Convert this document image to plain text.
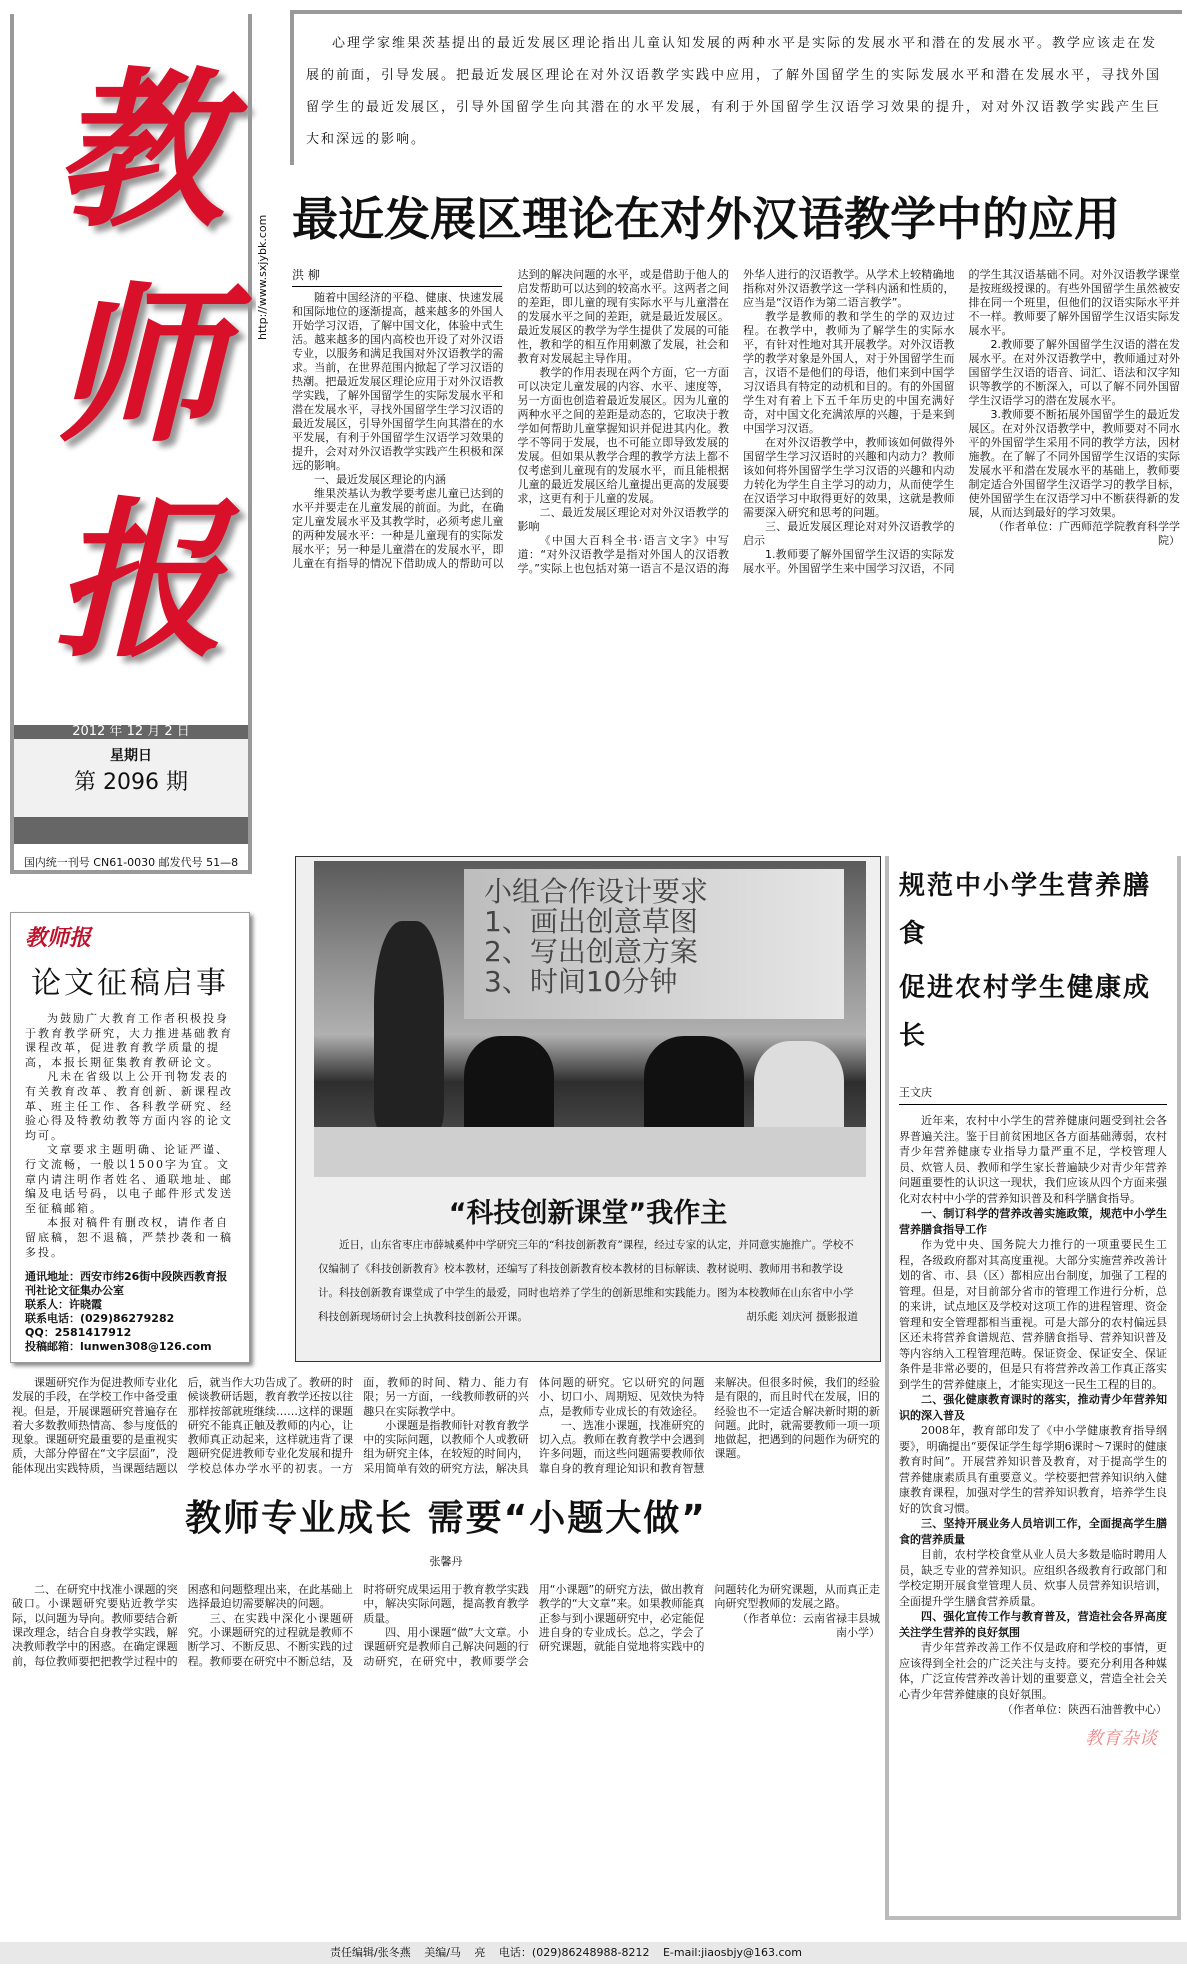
教师报
2012 年 12 月 2 日
星期日
第 2096 期
国内统一刊号 CN61-0030 邮发代号 51—8
http://www.sxjybk.com

心理学家维果茨基提出的最近发展区理论指出儿童认知发展的两种水平是实际的发展水平和潜在的发展水平。教学应该走在发展的前面，引导发展。把最近发展区理论在对外汉语教学实践中应用，了解外国留学生的实际发展水平和潜在发展水平，寻找外国留学生的最近发展区，引导外国留学生向其潜在的水平发展，有利于外国留学生汉语学习效果的提升，对对外汉语教学实践产生巨大和深远的影响。

最近发展区理论在对外汉语教学中的应用
洪 柳

随着中国经济的平稳、健康、快速发展和国际地位的逐渐提高，越来越多的外国人开始学习汉语，了解中国文化，体验中式生活。越来越多的国内高校也开设了对外汉语专业，以服务和满足我国对外汉语教学的需求。当前，在世界范围内掀起了学习汉语的热潮。把最近发展区理论应用于对外汉语教学实践，了解外国留学生的实际发展水平和潜在发展水平，寻找外国留学生学习汉语的最近发展区，引导外国留学生向其潜在的水平发展，有利于外国留学生汉语学习效果的提升，会对对外汉语教学实践产生积极和深远的影响。

一、最近发展区理论的内涵

维果茨基认为教学要考虑儿童已达到的水平并要走在儿童发展的前面。为此，在确定儿童发展水平及其教学时，必须考虑儿童的两种发展水平：一种是儿童现有的实际发展水平；另一种是儿童潜在的发展水平，即儿童在有指导的情况下借助成人的帮助可以达到的解决问题的水平，或是借助于他人的启发帮助可以达到的较高水平。这两者之间的差距，即儿童的现有实际水平与儿童潜在的发展水平之间的差距，就是最近发展区。最近发展区的教学为学生提供了发展的可能性，教和学的相互作用刺激了发展，社会和教育对发展起主导作用。

教学的作用表现在两个方面，它一方面可以决定儿童发展的内容、水平、速度等，另一方面也创造着最近发展区。因为儿童的两种水平之间的差距是动态的，它取决于教学如何帮助儿童掌握知识并促进其内化。教学不等同于发展，也不可能立即导致发展的发展。但如果从教学合理的教学方法上都不仅考虑到儿童现有的发展水平，而且能根据儿童的最近发展区给儿童提出更高的发展要求，这更有利于儿童的发展。

二、最近发展区理论对对外汉语教学的影响

《中国大百科全书·语言文字》中写道：“对外汉语教学是指对外国人的汉语教学。”实际上也包括对第一语言不是汉语的海外华人进行的汉语教学。从学术上较精确地指称对外汉语教学这一学科内涵和性质的，应当是“汉语作为第二语言教学”。

教学是教师的教和学生的学的双边过程。在教学中，教师为了解学生的实际水平，有针对性地对其开展教学。对外汉语教学的教学对象是外国人，对于外国留学生而言，汉语不是他们的母语，他们来到中国学习汉语具有特定的动机和目的。有的外国留学生对有着上下五千年历史的中国充满好奇，对中国文化充满浓厚的兴趣，于是来到中国学习汉语。

在对外汉语教学中，教师该如何做得外国留学生学习汉语时的兴趣和内动力？教师该如何将外国留学生学习汉语的兴趣和内动力转化为学生自主学习的动力，从而使学生在汉语学习中取得更好的效果，这就是教师需要深入研究和思考的问题。

三、最近发展区理论对对外汉语教学的启示

1.教师要了解外国留学生汉语的实际发展水平。外国留学生来中国学习汉语，不同的学生其汉语基础不同。对外汉语教学课堂是按班级授课的。有些外国留学生虽然被安排在同一个班里，但他们的汉语实际水平并不一样。教师要了解外国留学生汉语实际发展水平。

2.教师要了解外国留学生汉语的潜在发展水平。在对外汉语教学中，教师通过对外国留学生汉语的语音、词汇、语法和汉字知识等教学的不断深入，可以了解不同外国留学生汉语学习的潜在发展水平。

3.教师要不断拓展外国留学生的最近发展区。在对外汉语教学中，教师要对不同水平的外国留学生采用不同的教学方法，因材施教。在了解了不同外国留学生汉语的实际发展水平和潜在发展水平的基础上，教师要制定适合外国留学生汉语学习的教学目标，使外国留学生在汉语学习中不断获得新的发展，从而达到最好的学习效果。

（作者单位：广西师范学院教育科学学院）

教师报
论文征稿启事

为鼓励广大教育工作者积极投身于教育教学研究，大力推进基础教育课程改革，促进教育教学质量的提高，本报长期征集教育教研论文。

凡未在省级以上公开刊物发表的有关教育改革、教育创新、新课程改革、班主任工作、各科教学研究、经验心得及特教幼教等方面内容的论文均可。

文章要求主题明确、论证严谨、行文流畅，一般以1500字为宜。文章内请注明作者姓名、通联地址、邮编及电话号码，以电子邮件形式发送至征稿邮箱。

本报对稿件有删改权，请作者自留底稿，恕不退稿，严禁抄袭和一稿多投。

通讯地址：西安市纬26街中段陕西教育报刊社论文征集办公室
联系人：许晓霞
联系电话：(029)86279282
QQ：2581417912
投稿邮箱：lunwen308@126.com
小组合作设计要求
1、画出创意草图
2、写出创意方案
3、时间10分钟
“科技创新课堂”我作主
近日，山东省枣庄市薛城奚仲中学研究三年的“科技创新教育”课程，经过专家的认定，并同意实施推广。学校不仅编制了《科技创新教育》校本教材，还编写了科技创新教育校本教材的目标解读、教材说明、教师用书和教学设计。科技创新教育课堂成了中学生的最爱，同时也培养了学生的创新思维和实践能力。图为本校教师在山东省中小学科技创新现场研讨会上执教科技创新公开课。	胡乐彪 刘庆河 摄影报道
规范中小学生营养膳食
促进农村学生健康成长
王文庆

近年来，农村中小学生的营养健康问题受到社会各界普遍关注。鉴于目前贫困地区各方面基础薄弱，农村青少年营养健康专业指导力量严重不足，学校管理人员、炊管人员、教师和学生家长普遍缺少对青少年营养问题重要性的认识这一现状，我们应该从四个方面来强化对农村中小学的营养知识普及和科学膳食指导。

一、制订科学的营养改善实施政策，规范中小学生营养膳食指导工作

作为党中央、国务院大力推行的一项重要民生工程，各级政府都对其高度重视。大部分实施营养改善计划的省、市、县（区）都相应出台制度，加强了工程的管理。但是，对目前部分省市的管理工作进行分析，总的来讲，试点地区及学校对这项工作的进程管理、资金管理和安全管理都相当重视。可是大部分的农村偏远县区还未将营养食谱规范、营养膳食指导、营养知识普及等内容纳入工程管理范畴。保证资金、保证安全、保证条件是非常必要的，但是只有将营养改善工作真正落实到学生的营养健康上，才能实现这一民生工程的目的。

二、强化健康教育课时的落实，推动青少年营养知识的深入普及

2008年，教育部印发了《中小学健康教育指导纲要》，明确提出“要保证学生每学期6课时～7课时的健康教育时间”。开展营养知识普及教育，对于提高学生的营养健康素质具有重要意义。学校要把营养知识纳入健康教育课程，加强对学生的营养知识教育，培养学生良好的饮食习惯。

三、坚持开展业务人员培训工作，全面提高学生膳食的营养质量

目前，农村学校食堂从业人员大多数是临时聘用人员，缺乏专业的营养知识。应组织各级教育行政部门和学校定期开展食堂管理人员、炊事人员营养知识培训，全面提升学生膳食营养质量。

四、强化宣传工作与教育普及，营造社会各界高度关注学生营养的良好氛围

青少年营养改善工作不仅是政府和学校的事情，更应该得到全社会的广泛关注与支持。要充分利用各种媒体，广泛宣传营养改善计划的重要意义，营造全社会关心青少年营养健康的良好氛围。

（作者单位：陕西石油普教中心）

教育杂谈

课题研究作为促进教师专业化发展的手段，在学校工作中备受重视。但是，开展课题研究普遍存在着大多数教师热情高、参与度低的现象。课题研究最重要的是重视实质，大部分停留在“文字层面”，没能体现出实践特质，当课题结题以后，就当作大功告成了。教研的时候谈教研话题，教育教学还按以往那样按部就班继续……这样的课题研究不能真正触及教师的内心，让教师真正动起来，这样就违背了课题研究促进教师专业化发展和提升学校总体办学水平的初衷。一方面，教师的时间、精力、能力有限；另一方面，一线教师教研的兴趣只在实际教学中。

小课题是指教师针对教育教学中的实际问题，以教师个人或教研组为研究主体，在较短的时间内，采用简单有效的研究方法，解决具体问题的研究。它以研究的问题小、切口小、周期短、见效快为特点，是教师专业成长的有效途径。

一、选准小课题，找准研究的切入点。教师在教育教学中会遇到许多问题，而这些问题需要教师依靠自身的教育理论知识和教育智慧来解决。但很多时候，我们的经验是有限的，而且时代在发展，旧的经验也不一定适合解决新时期的新问题。此时，就需要教师一项一项地做起，把遇到的问题作为研究的课题。

教师专业成长 需要“小题大做”
张馨丹

二、在研究中找准小课题的突破口。小课题研究要贴近教学实际，以问题为导向。教师要结合新课改理念，结合自身教学实践，解决教师教学中的困惑。在确定课题前，每位教师要把把教学过程中的困惑和问题整理出来，在此基础上选择最迫切需要解决的问题。

三、在实践中深化小课题研究。小课题研究的过程就是教师不断学习、不断反思、不断实践的过程。教师要在研究中不断总结，及时将研究成果运用于教育教学实践中，解决实际问题，提高教育教学质量。

四、用小课题“做”大文章。小课题研究是教师自己解决问题的行动研究，在研究中，教师要学会用“小课题”的研究方法，做出教育教学的“大文章”来。如果教师能真正参与到小课题研究中，必定能促进自身的专业成长。总之，学会了研究课题，就能自觉地将实践中的问题转化为研究课题，从而真正走向研究型教师的发展之路。

（作者单位：云南省禄丰县城南小学）

责任编辑/张冬燕 美编/马 亮 电话：(029)86248988-8212 E-mail:jiaosbjy@163.com
